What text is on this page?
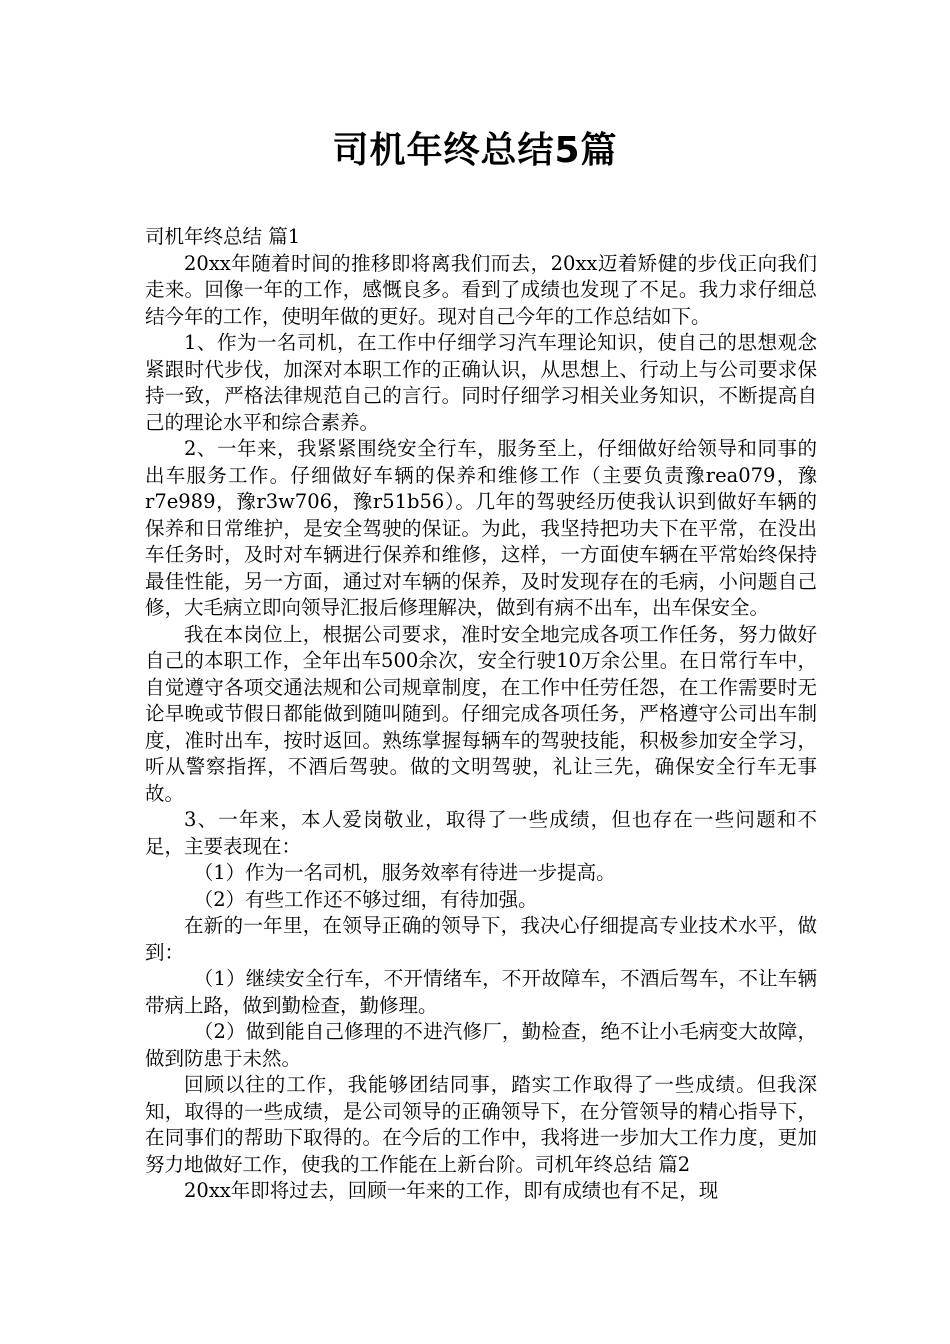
司机年终总结5篇

司机年终总结 篇1

20xx年随着时间的推移即将离我们而去，20xx迈着矫健的步伐正向我们走来。回像一年的工作，感慨良多。看到了成绩也发现了不足。我力求仔细总结今年的工作，使明年做的更好。现对自己今年的工作总结如下。

1、作为一名司机，在工作中仔细学习汽车理论知识，使自己的思想观念紧跟时代步伐，加深对本职工作的正确认识，从思想上、行动上与公司要求保持一致，严格法律规范自己的言行。同时仔细学习相关业务知识，不断提高自己的理论水平和综合素养。

2、一年来，我紧紧围绕安全行车，服务至上，仔细做好给领导和同事的出车服务工作。仔细做好车辆的保养和维修工作（主要负责豫rea079，豫r7e989，豫r3w706，豫r51b56）。几年的驾驶经历使我认识到做好车辆的保养和日常维护，是安全驾驶的保证。为此，我坚持把功夫下在平常，在没出车任务时，及时对车辆进行保养和维修，这样，一方面使车辆在平常始终保持最佳性能，另一方面，通过对车辆的保养，及时发现存在的毛病，小问题自己修，大毛病立即向领导汇报后修理解决，做到有病不出车，出车保安全。

我在本岗位上，根据公司要求，准时安全地完成各项工作任务，努力做好自己的本职工作，全年出车500余次，安全行驶10万余公里。在日常行车中，自觉遵守各项交通法规和公司规章制度，在工作中任劳任怨，在工作需要时无论早晚或节假日都能做到随叫随到。仔细完成各项任务，严格遵守公司出车制度，准时出车，按时返回。熟练掌握每辆车的驾驶技能，积极参加安全学习，听从警察指挥，不酒后驾驶。做的文明驾驶，礼让三先，确保安全行车无事故。

3、一年来，本人爱岗敬业，取得了一些成绩，但也存在一些问题和不足，主要表现在：

（1）作为一名司机，服务效率有待进一步提高。

（2）有些工作还不够过细，有待加强。

在新的一年里，在领导正确的领导下，我决心仔细提高专业技术水平，做到：

（1）继续安全行车，不开情绪车，不开故障车，不酒后驾车，不让车辆带病上路，做到勤检查，勤修理。

（2）做到能自己修理的不进汽修厂，勤检查，绝不让小毛病变大故障，做到防患于未然。

回顾以往的工作，我能够团结同事，踏实工作取得了一些成绩。但我深知，取得的一些成绩，是公司领导的正确领导下，在分管领导的精心指导下，在同事们的帮助下取得的。在今后的工作中，我将进一步加大工作力度，更加努力地做好工作，使我的工作能在上新台阶。司机年终总结 篇2

20xx年即将过去，回顾一年来的工作，即有成绩也有不足，现
